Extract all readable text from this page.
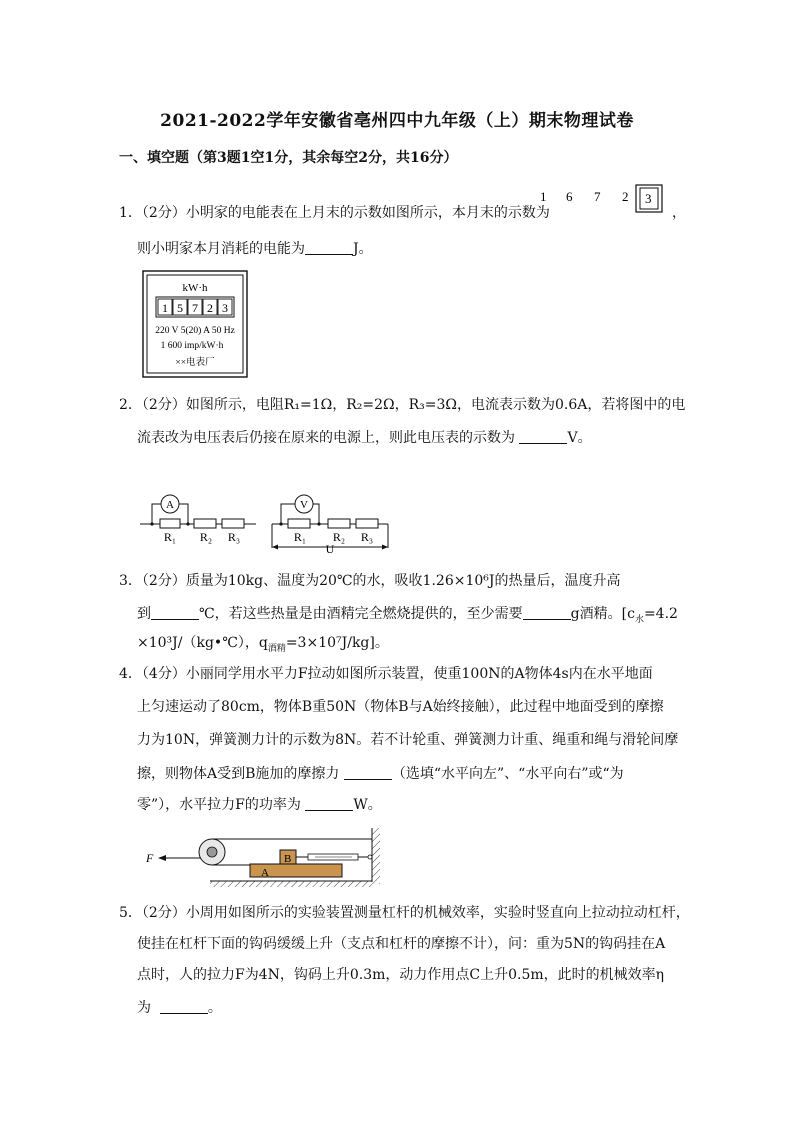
2021-2022学年安徽省亳州四中九年级（上）期末物理试卷
一、填空题（第3题1空1分，其余每空2分，共16分）
1．（2分）小明家的电能表在上月末的示数如图所示，本月末的示数为
1 6 7 2 3
，
则小明家本月消耗的电能为	J。
kW·h
1 5 7 2 3
220 V 5(20) A 50 Hz
1 600 imp/kW·h
××电表厂
2．（2分）如图所示，电阻R₁=1Ω，R₂=2Ω，R₃=3Ω，电流表示数为0.6A，若将图中的电
流表改为电压表后仍接在原来的电源上，则此电压表的示数为	V。
A	V
R₁ R₂ R₃	R₁ R₂ R₃
U
3．（2分）质量为10kg、温度为20℃的水，吸收1.26×10⁶J的热量后，温度升高
到	℃，若这些热量是由酒精完全燃烧提供的，至少需要	g酒精。[$c_水=4.2$
×10³J/（kg•℃），$q_{酒精}=3\times 10^7J/kg$]。
4．（4分）小丽同学用水平力F拉动如图所示装置，使重100N的A物体4s内在水平地面
上匀速运动了80cm，物体B重50N（物体B与A始终接触），此过程中地面受到的摩擦
力为10N，弹簧测力计的示数为8N。若不计轮重、弹簧测力计重、绳重和绳与滑轮间摩
擦，则物体A受到B施加的摩擦力	（选填“水平向左”、“水平向右”或“为
零”），水平拉力F的功率为	W。
F
A
B
5．（2分）小周用如图所示的实验装置测量杠杆的机械效率，实验时竖直向上拉动拉动杠杆，
使挂在杠杆下面的钩码缓缓上升（支点和杠杆的摩擦不计），问：重为5N的钩码挂在A
点时，人的拉力F为4N，钩码上升0.3m，动力作用点C上升0.5m，此时的机械效率η
为	。
